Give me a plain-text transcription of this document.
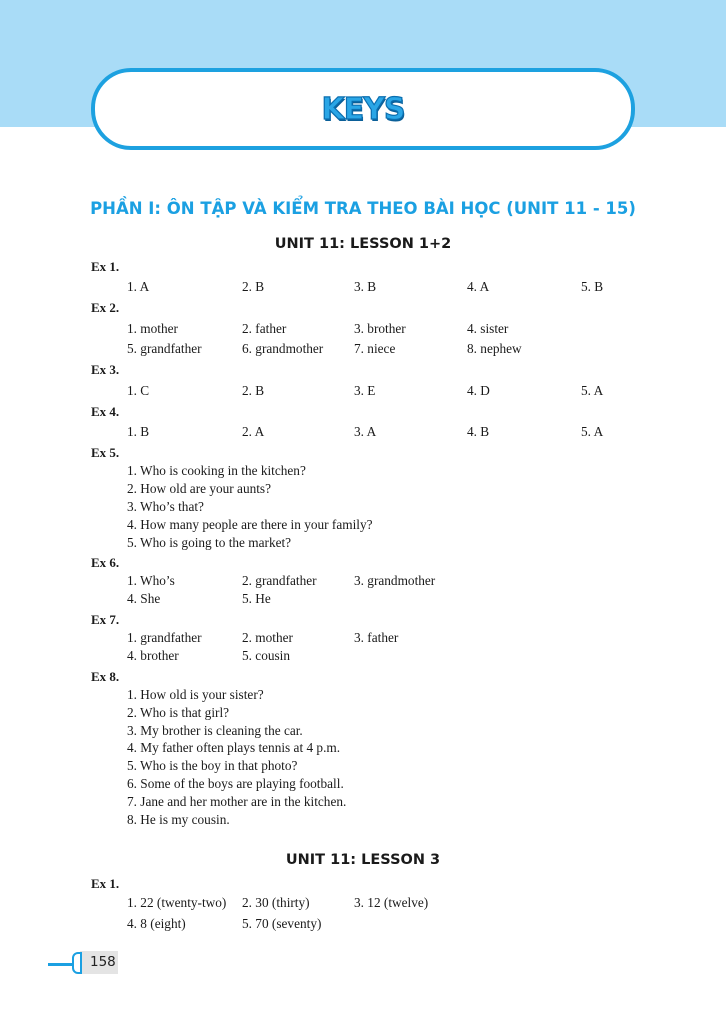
KEYS
PHẦN I: ÔN TẬP VÀ KIỂM TRA THEO BÀI HỌC (UNIT 11 - 15)
UNIT 11: LESSON 1+2
Ex 1.
1. A	2. B	3. B	4. A	5. B
Ex 2.
1. mother	2. father	3. brother	4. sister
5. grandfather	6. grandmother 7. niece	8. nephew
Ex 3.
1. C	2. B	3. E	4. D	5. A
Ex 4.
1. B	2. A	3. A	4. B	5. A
Ex 5.
1. Who is cooking in the kitchen?
2. How old are your aunts?
3. Who’s that?
4. How many people are there in your family?
5. Who is going to the market?
Ex 6.
1. Who’s	2. grandfather	3. grandmother
4. She	5. He
Ex 7.
1. grandfather	2. mother	3. father
4. brother	5. cousin
Ex 8.
1. How old is your sister?
2. Who is that girl?
3. My brother is cleaning the car.
4. My father often plays tennis at 4 p.m.
5. Who is the boy in that photo?
6. Some of the boys are playing football.
7. Jane and her mother are in the kitchen.
8. He is my cousin.
UNIT 11: LESSON 3
Ex 1.
1. 22 (twenty-two) 2. 30 (thirty)	3. 12 (twelve)
4. 8 (eight)	5. 70 (seventy)
158
